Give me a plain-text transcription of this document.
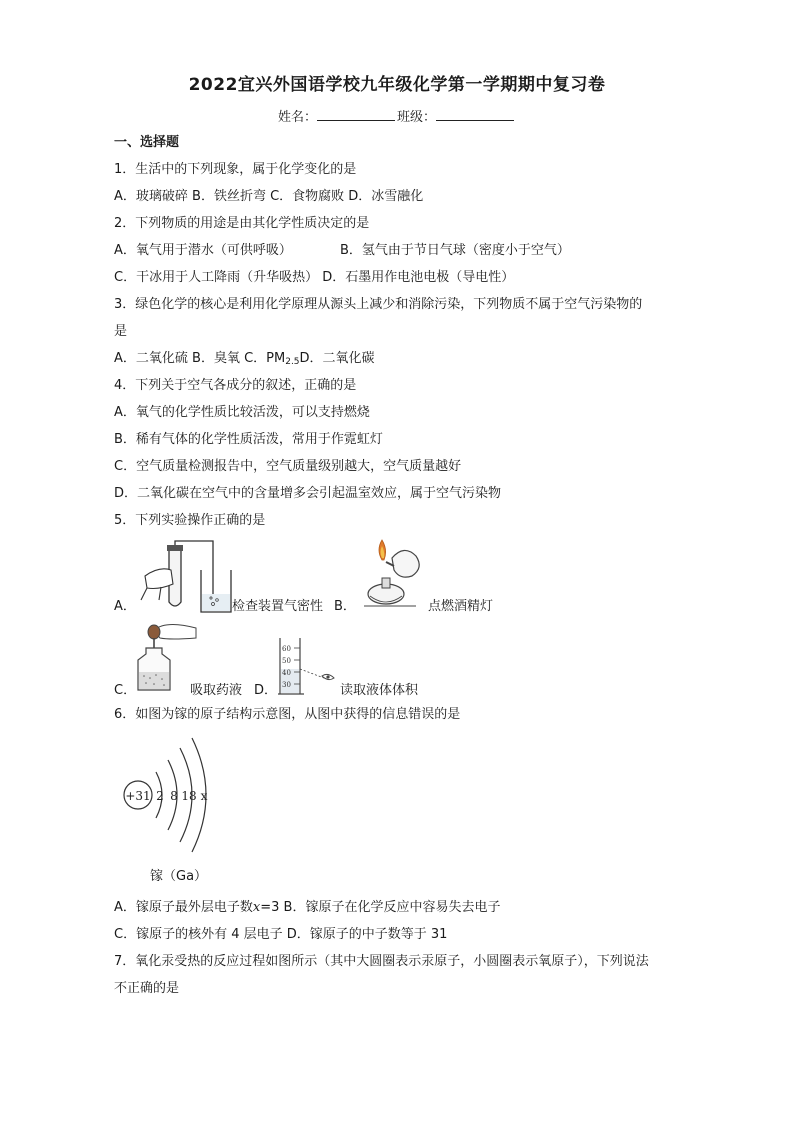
2022宜兴外国语学校九年级化学第一学期期中复习卷
姓名：	班级：
一、选择题
1．生活中的下列现象，属于化学变化的是
A．玻璃破碎 B．铁丝折弯 C．食物腐败 D．冰雪融化
2．下列物质的用途是由其化学性质决定的是
A．氧气用于潜水（可供呼吸）	B．氢气由于节日气球（密度小于空气）
C．干冰用于人工降雨（升华吸热） D．石墨用作电池电极（导电性）
3．绿色化学的核心是利用化学原理从源头上减少和消除污染，下列物质不属于空气污染物的
是
A．二氧化硫 B．臭氧 C．$PM_{2.5}D$．二氧化碳
4．下列关于空气各成分的叙述，正确的是
A．氧气的化学性质比较活泼，可以支持燃烧
B．稀有气体的化学性质活泼，常用于作霓虹灯
C．空气质量检测报告中，空气质量级别越大，空气质量越好
D．二氧化碳在空气中的含量增多会引起温室效应，属于空气污染物
5．下列实验操作正确的是
A．	检查装置气密性 B．	点燃酒精灯
C．	吸取药液 D．
60
50
40
30	读取液体体积
6．如图为镓的原子结构示意图，从图中获得的信息错误的是
+31 2 8 18 x
镓（Ga）
A．镓原子最外层电子数x=3 B．镓原子在化学反应中容易失去电子
C．镓原子的核外有 4 层电子 D．镓原子的中子数等于 31
7．氧化汞受热的反应过程如图所示（其中大圆圈表示汞原子，小圆圈表示氧原子），下列说法
不正确的是
